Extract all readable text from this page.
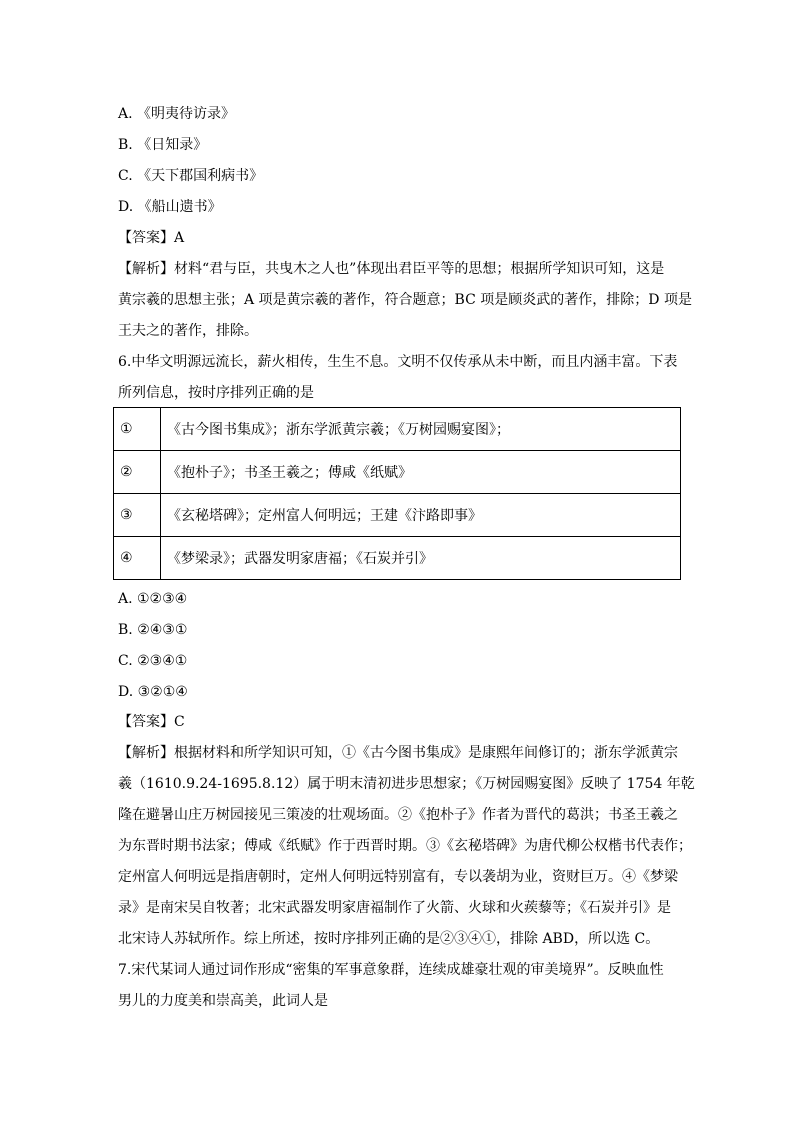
A. 《明夷待访录》
B. 《日知录》
C. 《天下郡国利病书》
D. 《船山遗书》
【答案】A
【解析】材料“君与臣，共曳木之人也”体现出君臣平等的思想；根据所学知识可知，这是
黄宗羲的思想主张；A 项是黄宗羲的著作，符合题意；BC 项是顾炎武的著作，排除；D 项是
王夫之的著作，排除。
6.中华文明源远流长，薪火相传，生生不息。文明不仅传承从未中断，而且内涵丰富。下表
所列信息，按时序排列正确的是
①	《古今图书集成》；浙东学派黄宗羲；《万树园赐宴图》；
②	《抱朴子》；书圣王羲之；傅咸《纸赋》
③	《玄秘塔碑》；定州富人何明远；王建《汴路即事》
④	《梦梁录》；武器发明家唐福；《石炭并引》
A. ①②③④
B. ②④③①
C. ②③④①
D. ③②①④
【答案】C
【解析】根据材料和所学知识可知，①《古今图书集成》是康熙年间修订的；浙东学派黄宗
羲（1610.9.24-1695.8.12）属于明末清初进步思想家；《万树园赐宴图》反映了 1754 年乾
隆在避暑山庄万树园接见三策凌的壮观场面。②《抱朴子》作者为晋代的葛洪；书圣王羲之
为东晋时期书法家；傅咸《纸赋》作于西晋时期。③《玄秘塔碑》为唐代柳公权楷书代表作；
定州富人何明远是指唐朝时，定州人何明远特别富有，专以袭胡为业，资财巨万。④《梦梁
录》是南宋吴自牧著；北宋武器发明家唐福制作了火箭、火球和火蒺藜等；《石炭并引》是
北宋诗人苏轼所作。综上所述，按时序排列正确的是②③④①，排除 ABD，所以选 C。
7.宋代某词人通过词作形成“密集的军事意象群，连续成雄豪壮观的审美境界”。反映血性
男儿的力度美和崇高美，此词人是
